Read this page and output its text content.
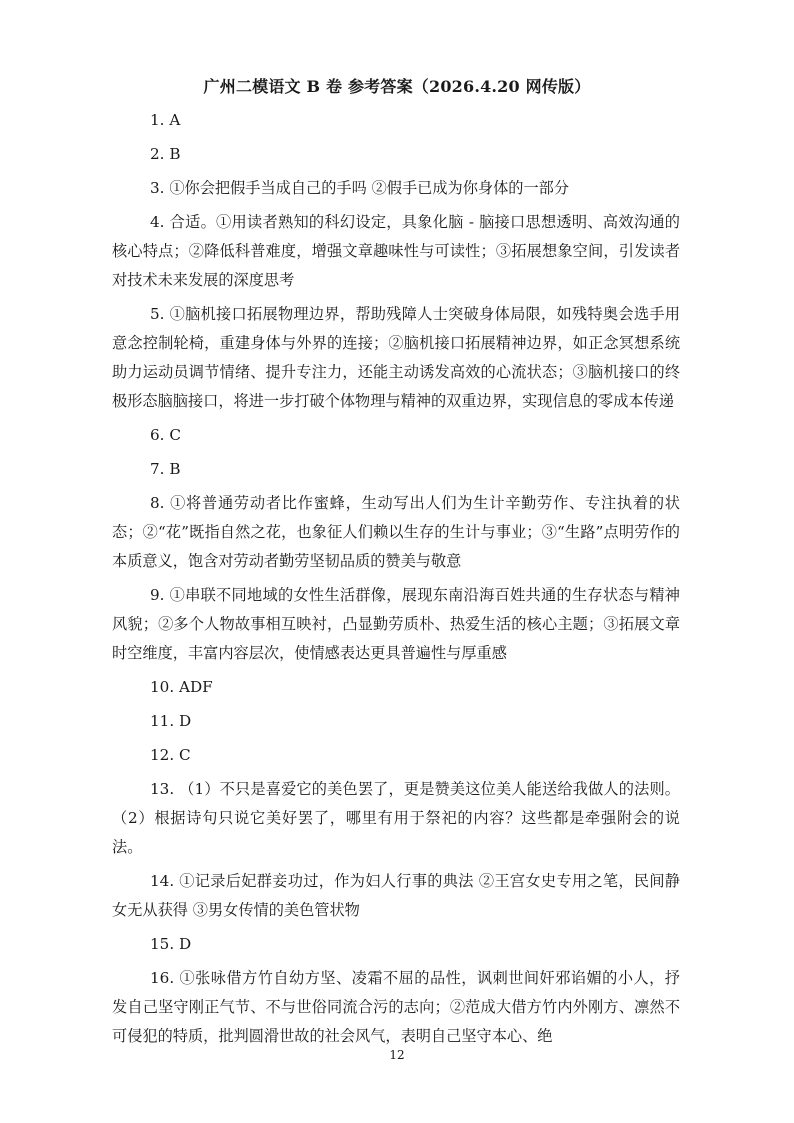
广州二模语文 B 卷 参考答案（2026.4.20 网传版）
1. A
2. B
3. ①你会把假手当成自己的手吗 ②假手已成为你身体的一部分
4. 合适。①用读者熟知的科幻设定，具象化脑 - 脑接口思想透明、高效沟通的核心特点；②降低科普难度，增强文章趣味性与可读性；③拓展想象空间，引发读者对技术未来发展的深度思考
5. ①脑机接口拓展物理边界，帮助残障人士突破身体局限，如残特奥会选手用意念控制轮椅，重建身体与外界的连接；②脑机接口拓展精神边界，如正念冥想系统助力运动员调节情绪、提升专注力，还能主动诱发高效的心流状态；③脑机接口的终极形态脑脑接口，将进一步打破个体物理与精神的双重边界，实现信息的零成本传递
6. C
7. B
8. ①将普通劳动者比作蜜蜂，生动写出人们为生计辛勤劳作、专注执着的状态；②“花”既指自然之花，也象征人们赖以生存的生计与事业；③“生路”点明劳作的本质意义，饱含对劳动者勤劳坚韧品质的赞美与敬意
9. ①串联不同地域的女性生活群像，展现东南沿海百姓共通的生存状态与精神风貌；②多个人物故事相互映衬，凸显勤劳质朴、热爱生活的核心主题；③拓展文章时空维度，丰富内容层次，使情感表达更具普遍性与厚重感
10. ADF
11. D
12. C
13. （1）不只是喜爱它的美色罢了，更是赞美这位美人能送给我做人的法则。（2）根据诗句只说它美好罢了，哪里有用于祭祀的内容？这些都是牵强附会的说法。
14. ①记录后妃群妾功过，作为妇人行事的典法 ②王宫女史专用之笔，民间静女无从获得 ③男女传情的美色管状物
15. D
16. ①张咏借方竹自幼方坚、凌霜不屈的品性，讽刺世间奸邪谄媚的小人，抒发自己坚守刚正气节、不与世俗同流合污的志向；②范成大借方竹内外刚方、凛然不可侵犯的特质，批判圆滑世故的社会风气，表明自己坚守本心、绝
12
